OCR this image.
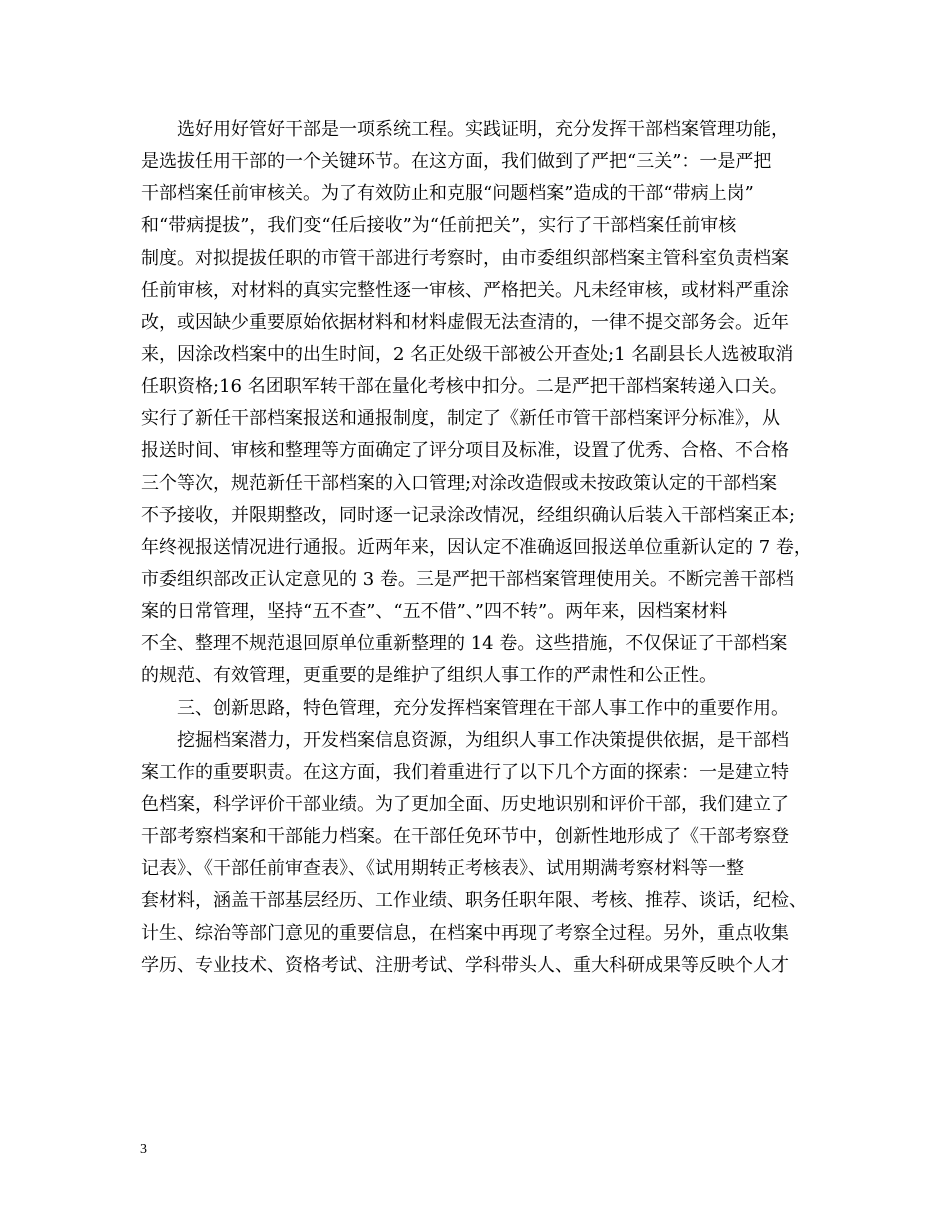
　　选好用好管好干部是一项系统工程。实践证明，充分发挥干部档案管理功能，
是选拔任用干部的一个关键环节。在这方面，我们做到了严把“三关”：一是严把
干部档案任前审核关。为了有效防止和克服“问题档案”造成的干部“带病上岗”
和“带病提拔”，我们变“任后接收”为“任前把关”，实行了干部档案任前审核
制度。对拟提拔任职的市管干部进行考察时，由市委组织部档案主管科室负责档案
任前审核，对材料的真实完整性逐一审核、严格把关。凡未经审核，或材料严重涂
改，或因缺少重要原始依据材料和材料虚假无法查清的，一律不提交部务会。近年
来，因涂改档案中的出生时间，2 名正处级干部被公开查处;1 名副县长人选被取消
任职资格;16 名团职军转干部在量化考核中扣分。二是严把干部档案转递入口关。
实行了新任干部档案报送和通报制度，制定了《新任市管干部档案评分标准》，从
报送时间、审核和整理等方面确定了评分项目及标准，设置了优秀、合格、不合格
三个等次，规范新任干部档案的入口管理;对涂改造假或未按政策认定的干部档案
不予接收，并限期整改，同时逐一记录涂改情况，经组织确认后装入干部档案正本;
年终视报送情况进行通报。近两年来，因认定不准确返回报送单位重新认定的 7 卷，
市委组织部改正认定意见的 3 卷。三是严把干部档案管理使用关。不断完善干部档
案的日常管理，坚持“五不查”、“五不借”、”四不转”。两年来，因档案材料
不全、整理不规范退回原单位重新整理的 14 卷。这些措施，不仅保证了干部档案
的规范、有效管理，更重要的是维护了组织人事工作的严肃性和公正性。
　　三、创新思路，特色管理，充分发挥档案管理在干部人事工作中的重要作用。
　　挖掘档案潜力，开发档案信息资源，为组织人事工作决策提供依据，是干部档
案工作的重要职责。在这方面，我们着重进行了以下几个方面的探索：一是建立特
色档案，科学评价干部业绩。为了更加全面、历史地识别和评价干部，我们建立了
干部考察档案和干部能力档案。在干部任免环节中，创新性地形成了《干部考察登
记表》、《干部任前审查表》、《试用期转正考核表》、试用期满考察材料等一整
套材料，涵盖干部基层经历、工作业绩、职务任职年限、考核、推荐、谈话，纪检、
计生、综治等部门意见的重要信息，在档案中再现了考察全过程。另外，重点收集
学历、专业技术、资格考试、注册考试、学科带头人、重大科研成果等反映个人才
3
